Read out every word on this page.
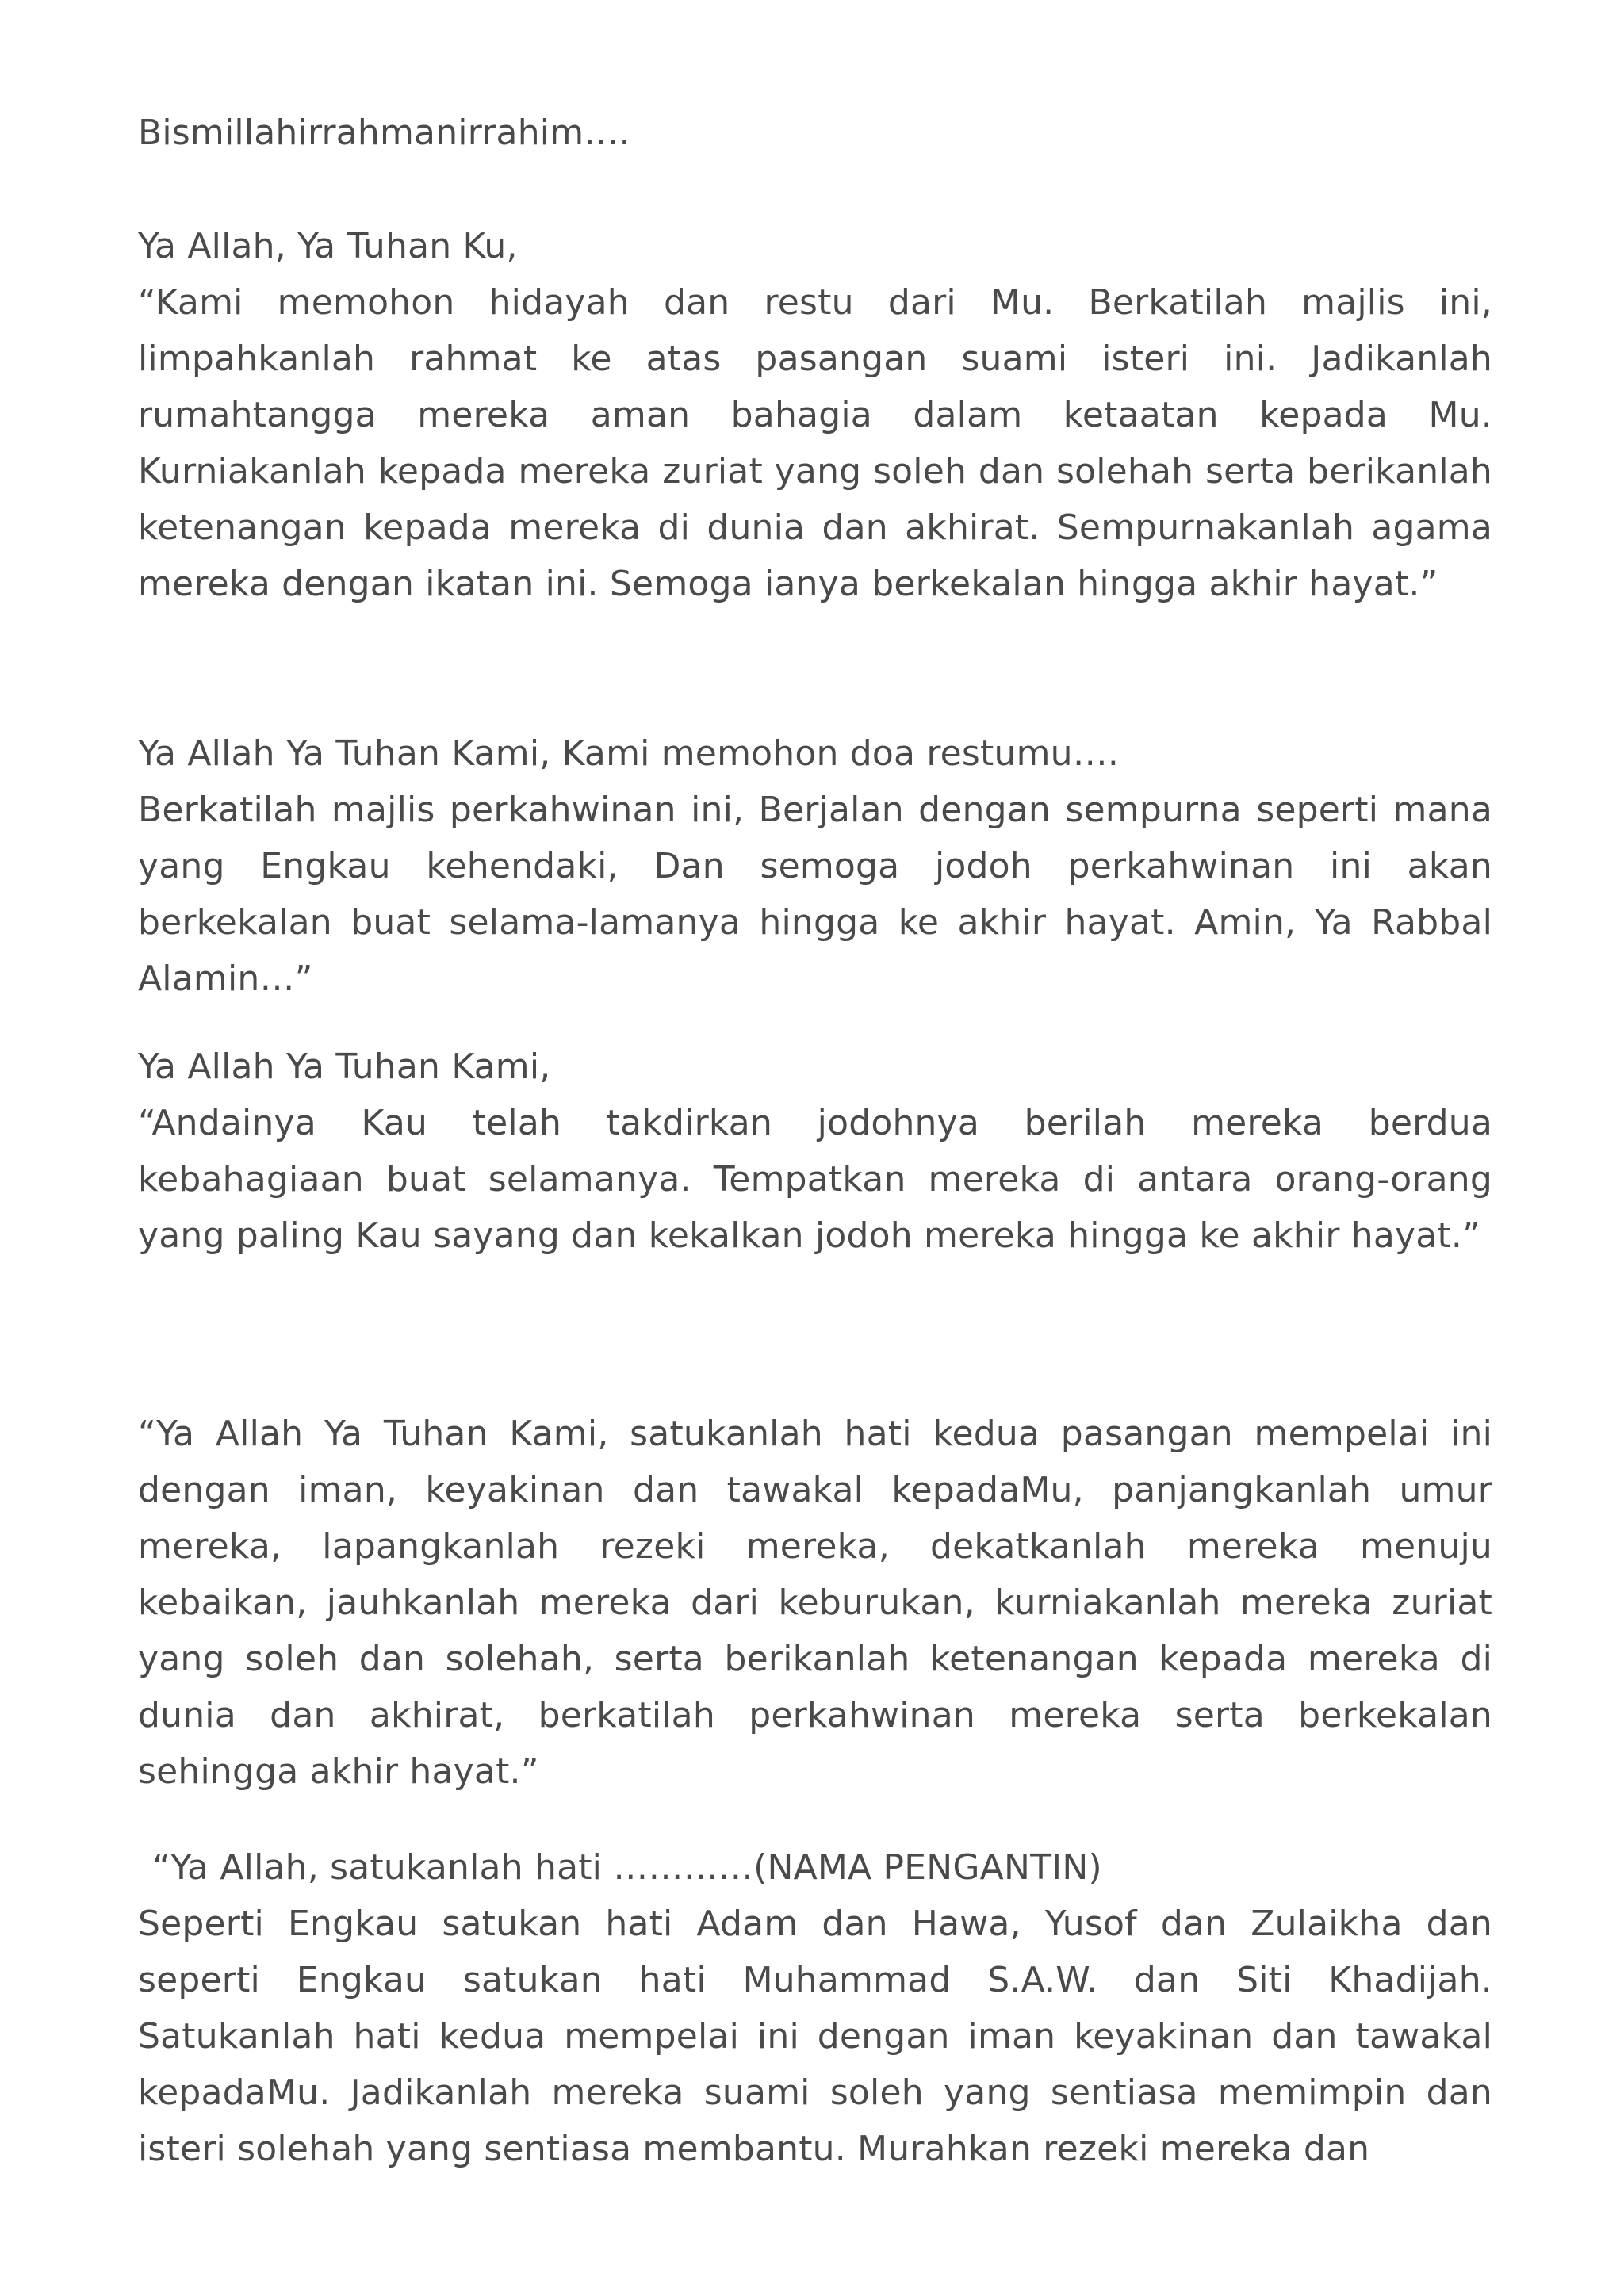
Bismillahirrahmanirrahim….

Ya Allah, Ya Tuhan Ku,

“Kami memohon hidayah dan restu dari Mu. Berkatilah majlis ini, limpahkanlah rahmat ke atas pasangan suami isteri ini. Jadikanlah rumahtangga mereka aman bahagia dalam ketaatan kepada Mu. Kurniakanlah kepada mereka zuriat yang soleh dan solehah serta berikanlah ketenangan kepada mereka di dunia dan akhirat. Sempurnakanlah agama mereka dengan ikatan ini. Semoga ianya berkekalan hingga akhir hayat.”

Ya Allah Ya Tuhan Kami, Kami memohon doa restumu….

Berkatilah majlis perkahwinan ini, Berjalan dengan sempurna seperti mana yang Engkau kehendaki, Dan semoga jodoh perkahwinan ini akan berkekalan buat selama-lamanya hingga ke akhir hayat. Amin, Ya Rabbal Alamin…”

Ya Allah Ya Tuhan Kami,

“Andainya Kau telah takdirkan jodohnya berilah mereka berdua kebahagiaan buat selamanya. Tempatkan mereka di antara orang-orang yang paling Kau sayang dan kekalkan jodoh mereka hingga ke akhir hayat.”

“Ya Allah Ya Tuhan Kami, satukanlah hati kedua pasangan mempelai ini dengan iman, keyakinan dan tawakal kepadaMu, panjangkanlah umur mereka, lapangkanlah rezeki mereka, dekatkanlah mereka menuju kebaikan, jauhkanlah mereka dari keburukan, kurniakanlah mereka zuriat yang soleh dan solehah, serta berikanlah ketenangan kepada mereka di dunia dan akhirat, berkatilah perkahwinan mereka serta berkekalan sehingga akhir hayat.”

“Ya Allah, satukanlah hati …………(NAMA PENGANTIN)

Seperti Engkau satukan hati Adam dan Hawa, Yusof dan Zulaikha dan seperti Engkau satukan hati Muhammad S.A.W. dan Siti Khadijah. Satukanlah hati kedua mempelai ini dengan iman keyakinan dan tawakal kepadaMu. Jadikanlah mereka suami soleh yang sentiasa memimpin dan isteri solehah yang sentiasa membantu. Murahkan rezeki mereka dan
